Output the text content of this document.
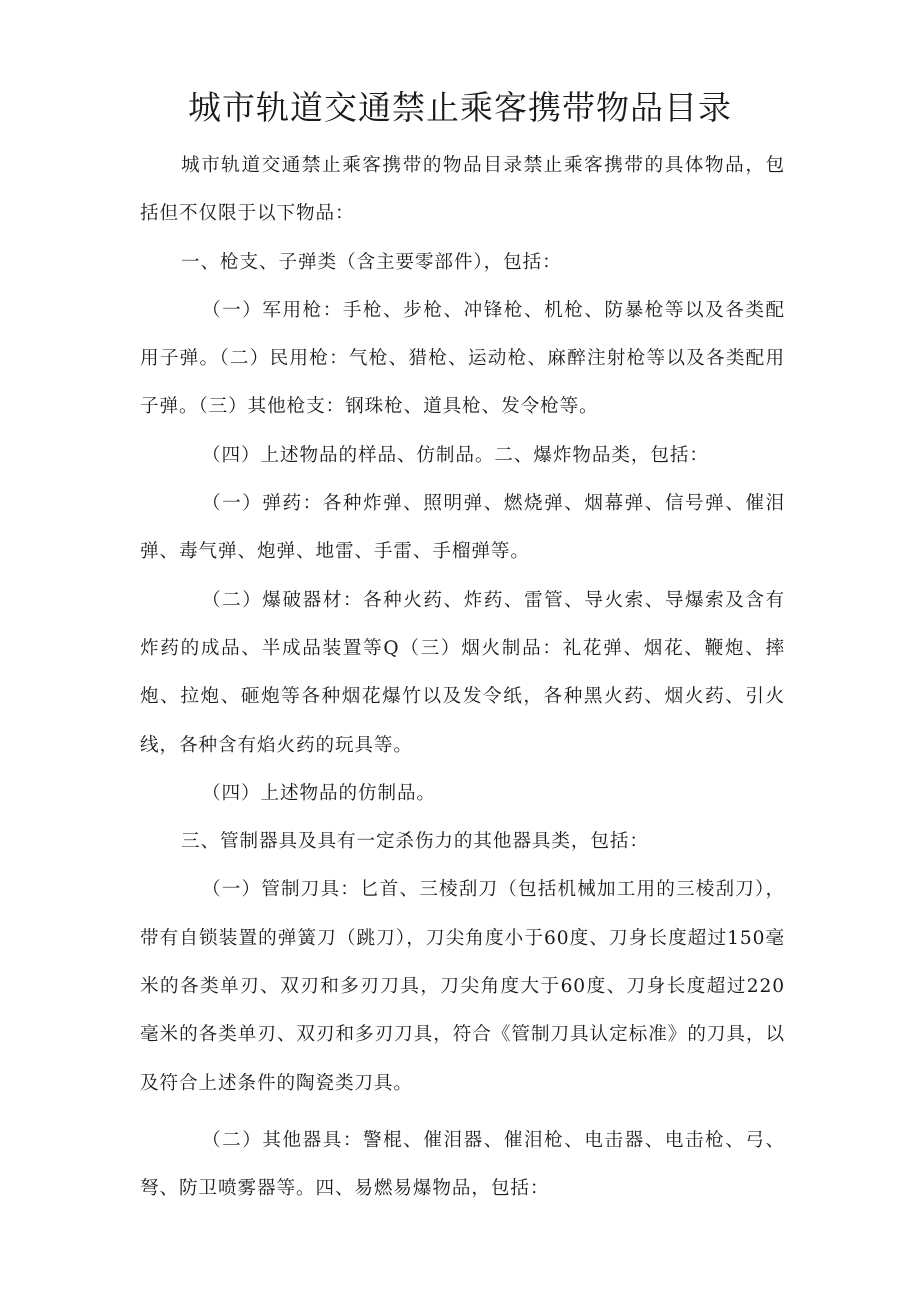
城市轨道交通禁止乘客携带物品目录

城市轨道交通禁止乘客携带的物品目录禁止乘客携带的具体物品，包括但不仅限于以下物品：

一、枪支、子弹类（含主要零部件），包括：

（一）军用枪：手枪、步枪、冲锋枪、机枪、防暴枪等以及各类配用子弹。（二）民用枪：气枪、猎枪、运动枪、麻醉注射枪等以及各类配用子弹。（三）其他枪支：钢珠枪、道具枪、发令枪等。

（四）上述物品的样品、仿制品。二、爆炸物品类，包括：

（一）弹药：各种炸弹、照明弹、燃烧弹、烟幕弹、信号弹、催泪弹、毒气弹、炮弹、地雷、手雷、手榴弹等。

（二）爆破器材：各种火药、炸药、雷管、导火索、导爆索及含有炸药的成品、半成品装置等Q（三）烟火制品：礼花弹、烟花、鞭炮、摔炮、拉炮、砸炮等各种烟花爆竹以及发令纸，各种黑火药、烟火药、引火线，各种含有焰火药的玩具等。

（四）上述物品的仿制品。

三、管制器具及具有一定杀伤力的其他器具类，包括：

（一）管制刀具：匕首、三棱刮刀（包括机械加工用的三棱刮刀），带有自锁装置的弹簧刀（跳刀），刀尖角度小于60度、刀身长度超过150毫米的各类单刃、双刃和多刃刀具，刀尖角度大于60度、刀身长度超过220毫米的各类单刃、双刃和多刃刀具，符合《管制刀具认定标准》的刀具，以及符合上述条件的陶瓷类刀具。

（二）其他器具：警棍、催泪器、催泪枪、电击器、电击枪、弓、弩、防卫喷雾器等。四、易燃易爆物品，包括：
